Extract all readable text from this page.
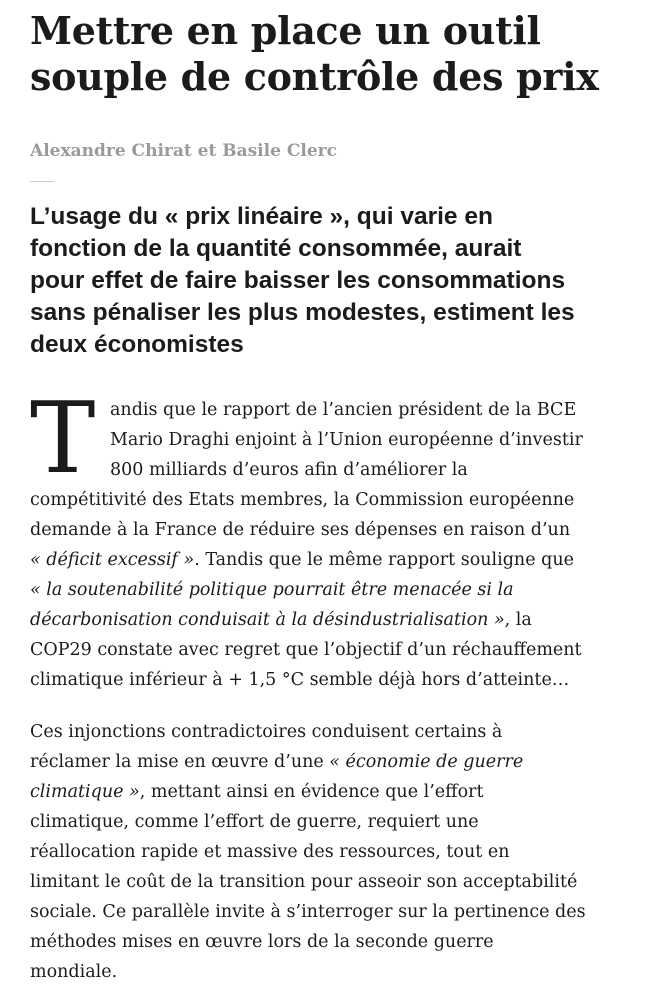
Mettre en place un outil
souple de contrôle des prix
Alexandre Chirat et Basile Clerc
L’usage du « prix linéaire », qui varie en
fonction de la quantité consommée, aurait
pour effet de faire baisser les consommations
sans pénaliser les plus modestes, estiment les
deux économistes
T andis que le rapport de l’ancien président de la BCE
Mario Draghi enjoint à l’Union européenne d’investir
800 milliards d’euros afin d’améliorer la
compétitivité des Etats membres, la Commission européenne
demande à la France de réduire ses dépenses en raison d’un
« déficit excessif ». Tandis que le même rapport souligne que
« la soutenabilité politique pourrait être menacée si la
décarbonisation conduisait à la désindustrialisation », la
COP29 constate avec regret que l’objectif d’un réchauffement
climatique inférieur à + 1,5 °C semble déjà hors d’atteinte…
Ces injonctions contradictoires conduisent certains à
réclamer la mise en œuvre d’une « économie de guerre
climatique », mettant ainsi en évidence que l’effort
climatique, comme l’effort de guerre, requiert une
réallocation rapide et massive des ressources, tout en
limitant le coût de la transition pour asseoir son acceptabilité
sociale. Ce parallèle invite à s’interroger sur la pertinence des
méthodes mises en œuvre lors de la seconde guerre
mondiale.
